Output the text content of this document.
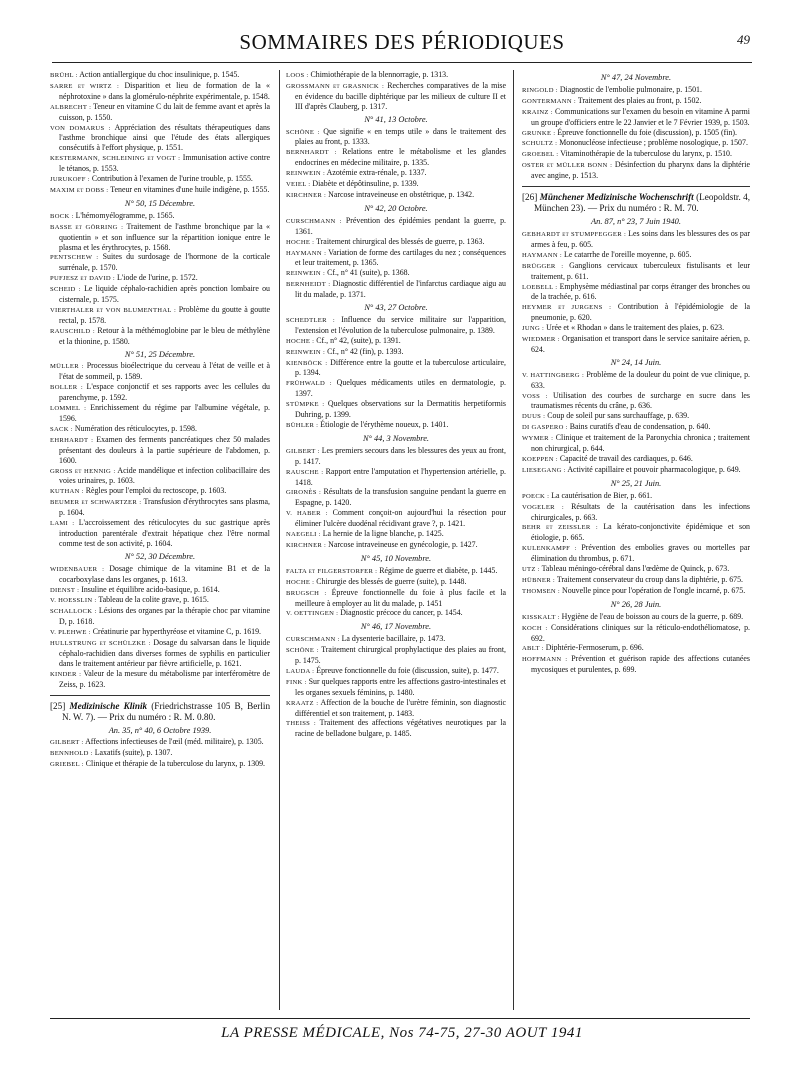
SOMMAIRES DES PÉRIODIQUES	49

BRÜHL : Action antiallergique du choc insulinique, p. 1545.

SARRE et WIRTZ : Disparition et lieu de formation de la « néphrotoxine » dans la glomérulo-néphrite expérimentale, p. 1548.

ALBRECHT : Teneur en vitamine C du lait de femme avant et après la cuisson, p. 1550.

VON DOMARUS : Appréciation des résultats thérapeutiques dans l'asthme bronchique ainsi que l'étude des états allergiques consécutifs à l'effort physique, p. 1551.

KESTERMANN, SCHLEINING et VOGT : Immunisation active contre le tétanos, p. 1553.

JURUKOFF : Contribution à l'examen de l'urine trouble, p. 1555.

MAXIM et DOBS : Teneur en vitamines d'une huile indigène, p. 1555.

N° 50, 15 Décembre.

BOCK : L'hémomyélogramme, p. 1565.

BASSE et GÖRRING : Traitement de l'asthme bronchique par la « quotientin » et son influence sur la répartition ionique entre le plasma et les érythrocytes, p. 1568.

PENTSCHEW : Suites du surdosage de l'hormone de la corticale surrénale, p. 1570.

PUFJESZ et DAVID : L'iode de l'urine, p. 1572.

SCHEID : Le liquide céphalo-rachidien après ponction lombaire ou cisternale, p. 1575.

VIERTHALER et VON BLUMENTHAL : Problème du goutte à goutte rectal, p. 1578.

RAUSCHILD : Retour à la méthémoglobine par le bleu de méthylène et la thionine, p. 1580.

N° 51, 25 Décembre.

MÜLLER : Processus bioélectrique du cerveau à l'état de veille et à l'état de sommeil, p. 1589.

BOLLER : L'espace conjonctif et ses rapports avec les cellules du parenchyme, p. 1592.

LOMMEL : Enrichissement du régime par l'albumine végétale, p. 1596.

SACK : Numération des réticulocytes, p. 1598.

EHRHARDT : Examen des ferments pancréatiques chez 50 malades présentant des douleurs à la partie supérieure de l'abdomen, p. 1600.

GROSS et HENNIG : Acide mandélique et infection colibacillaire des voies urinaires, p. 1603.

KUTHAN : Règles pour l'emploi du rectoscope, p. 1603.

BEUMER et SCHWARTZER : Transfusion d'érythrocytes sans plasma, p. 1604.

LAMI : L'accroissement des réticulocytes du suc gastrique après introduction parentérale d'extrait hépatique chez l'être normal comme test de son activité, p. 1604.

N° 52, 30 Décembre.

WIDENBAUER : Dosage chimique de la vitamine B1 et de la cocarboxylase dans les organes, p. 1613.

DIENST : Insuline et équilibre acido-basique, p. 1614.

V. HOESSLIN : Tableau de la colite grave, p. 1615.

SCHALLOCK : Lésions des organes par la thérapie choc par vitamine D, p. 1618.

V. PLEHWE : Créatinurie par hyperthyréose et vitamine C, p. 1619.

HULLSTRUNG et SCHÜLZKE : Dosage du salvarsan dans le liquide céphalo-rachidien dans diverses formes de syphilis en particulier dans le traitement antérieur par fièvre artificielle, p. 1621.

KINDER : Valeur de la mesure du métabolisme par interféromètre de Zeiss, p. 1623.

[25] Medizinische Klinik (Friedrichstrasse 105 B, Berlin N. W. 7). — Prix du numéro : R. M. 0.80.
An. 35, n° 40, 6 Octobre 1939.

GILBERT : Affections infectieuses de l'œil (méd. militaire), p. 1305.

BENNHOLD : Laxatifs (suite), p. 1307.

GRIEBEL : Clinique et thérapie de la tuberculose du larynx, p. 1309.

LOOS : Chimiothérapie de la blennorragie, p. 1313.

GROSSMANN et GRASNICK : Recherches comparatives de la mise en évidence du bacille diphtérique par les milieux de culture II et III d'après Clauberg, p. 1317.

N° 41, 13 Octobre.

SCHÖNE : Que signifie « en temps utile » dans le traitement des plaies au front, p. 1333.

BERNHARDT : Relations entre le métabolisme et les glandes endocrines en médecine militaire, p. 1335.

REINWEIN : Azotémie extra-rénale, p. 1337.

VEIEL : Diabète et dépôtinsuline, p. 1339.

KIRCHNER : Narcose intraveineuse en obstétrique, p. 1342.

N° 42, 20 Octobre.

CURSCHMANN : Prévention des épidémies pendant la guerre, p. 1361.

HOCHE : Traitement chirurgical des blessés de guerre, p. 1363.

HAYMANN : Variation de forme des cartilages du nez ; conséquences et leur traitement, p. 1365.

REINWEIN : Cf., n° 41 (suite), p. 1368.

BERNHEIDT : Diagnostic différentiel de l'infarctus cardiaque aigu au lit du malade, p. 1371.

N° 43, 27 Octobre.

SCHEDTLER : Influence du service militaire sur l'apparition, l'extension et l'évolution de la tuberculose pulmonaire, p. 1389.

HOCHE : Cf., n° 42, (suite), p. 1391.

REINWEIN : Cf., n° 42 (fin), p. 1393.

KIENBÖCK : Différence entre la goutte et la tuberculose articulaire, p. 1394.

FRÜHWALD : Quelques médicaments utiles en dermatologie, p. 1397.

STÜMPKE : Quelques observations sur la Dermatitis herpetiformis Duhring, p. 1399.

BÜHLER : Étiologie de l'érythème noueux, p. 1401.

N° 44, 3 Novembre.

GILBERT : Les premiers secours dans les blessures des yeux au front, p. 1417.

RAUSCHE : Rapport entre l'amputation et l'hypertension artérielle, p. 1418.

GIRONÈS : Résultats de la transfusion sanguine pendant la guerre en Espagne, p. 1420.

V. HABER : Comment conçoit-on aujourd'hui la résection pour éliminer l'ulcère duodénal récidivant grave ?, p. 1421.

NAEGELI : La hernie de la ligne blanche, p. 1425.

KIRCHNER : Narcose intraveineuse en gynécologie, p. 1427.

N° 45, 10 Novembre.

FALTA et FILGERSTORFER : Régime de guerre et diabète, p. 1445.

HOCHE : Chirurgie des blessés de guerre (suite), p. 1448.

BRUGSCH : Épreuve fonctionnelle du foie à plus facile et la meilleure à employer au lit du malade, p. 1451

V. OETTINGEN : Diagnostic précoce du cancer, p. 1454.

N° 46, 17 Novembre.

CURSCHMANN : La dysenterie bacillaire, p. 1473.

SCHÖNE : Traitement chirurgical prophylactique des plaies au front, p. 1475.

LAUDA : Épreuve fonctionnelle du foie (discussion, suite), p. 1477.

FINK : Sur quelques rapports entre les affections gastro-intestinales et les organes sexuels féminins, p. 1480.

KRAATZ : Affection de la bouche de l'urètre féminin, son diagnostic différentiel et son traitement, p. 1483.

THEISS : Traitement des affections végétatives neurotiques par la racine de belladone bulgare, p. 1485.

N° 47, 24 Novembre.

RINGOLD : Diagnostic de l'embolie pulmonaire, p. 1501.

GONTERMANN : Traitement des plaies au front, p. 1502.

KRAINZ : Communications sur l'examen du besoin en vitamine A parmi un groupe d'officiers entre le 22 Janvier et le 7 Février 1939, p. 1503.

GRUNKE : Épreuve fonctionnelle du foie (discussion), p. 1505 (fin).

SCHULTZ : Mononucléose infectieuse ; problème nosologique, p. 1507.

GROEBEL : Vitaminothérapie de la tuberculose du larynx, p. 1510.

OSTER et MÜLLER BONN : Désinfection du pharynx dans la diphtérie avec angine, p. 1513.

[26] Münchener Medizinische Wochenschrift (Leopoldstr. 4, München 23). — Prix du numéro : R. M. 70.
An. 87, n° 23, 7 Juin 1940.

GEBHARDT et STUMPFEGGER : Les soins dans les blessures des os par armes à feu, p. 605.

HAYMANN : Le catarrhe de l'oreille moyenne, p. 605.

BRÜGGER : Ganglions cervicaux tuberculeux fistulisants et leur traitement, p. 611.

LOEBELL : Emphysème médiastinal par corps étranger des bronches ou de la trachée, p. 616.

HEYMER et JURGENS : Contribution à l'épidémiologie de la pneumonie, p. 620.

JUNG : Urée et « Rhodan » dans le traitement des plaies, p. 623.

WIEDMER : Organisation et transport dans le service sanitaire aérien, p. 624.

N° 24, 14 Juin.

V. HATTINGBERG : Problème de la douleur du point de vue clinique, p. 633.

VOSS : Utilisation des courbes de surcharge en sucre dans les traumatismes récents du crâne, p. 636.

DUUS : Coup de soleil pur sans surchauffage, p. 639.

DI GASPERO : Bains curatifs d'eau de condensation, p. 640.

WYMER : Clinique et traitement de la Paronychia chronica ; traitement non chirurgical, p. 644.

KOEPPEN : Capacité de travail des cardiaques, p. 646.

LIESEGANG : Activité capillaire et pouvoir pharmacologique, p. 649.

N° 25, 21 Juin.

POECK : La cautérisation de Bier, p. 661.

VOGELER : Résultats de la cautérisation dans les infections chirurgicales, p. 663.

BEHR et ZEISSLER : La kérato-conjonctivite épidémique et son étiologie, p. 665.

KULENKAMPF : Prévention des embolies graves ou mortelles par élimination du thrombus, p. 671.

UTZ : Tableau méningo-cérébral dans l'œdème de Quinck, p. 673.

HÜBNER : Traitement conservateur du croup dans la diphtérie, p. 675.

THOMSEN : Nouvelle pince pour l'opération de l'ongle incarné, p. 675.

N° 26, 28 Juin.

KISSKALT : Hygiène de l'eau de boisson au cours de la guerre, p. 689.

KOCH : Considérations cliniques sur la réticulo-endothéliomatose, p. 692.

ABLT : Diphtérie-Fermoserum, p. 696.

HOFFMANN : Prévention et guérison rapide des affections cutanées mycosiques et purulentes, p. 699.

LA PRESSE MÉDICALE, Nos 74-75, 27-30 AOUT 1941
